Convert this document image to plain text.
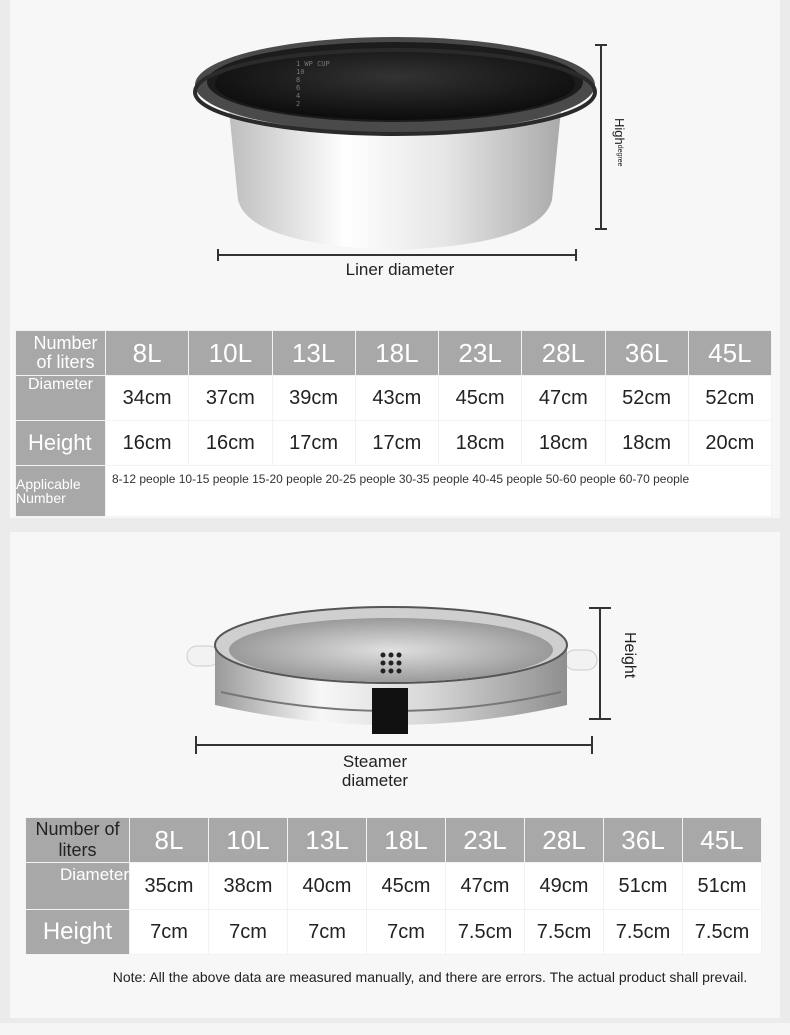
1 WP CUP
10
8
6
4
2
Highdegree
Liner diameter
Number of liters	8L	10L	13L	18L	23L	28L	36L	45L
Diameter	34cm	37cm	39cm	43cm	45cm	47cm	52cm	52cm
Height	16cm	16cm	17cm	17cm	18cm	18cm	18cm	20cm
Applicable Number	8-12 people 10-15 people 15-20 people 20-25 people 30-35 people 40-45 people 50-60 people 60-70 people							
Height
Steamer diameter
Number of liters	8L	10L	13L	18L	23L	28L	36L	45L
Diameter	35cm	38cm	40cm	45cm	47cm	49cm	51cm	51cm
Height	7cm	7cm	7cm	7cm	7.5cm	7.5cm	7.5cm	7.5cm
Note: All the above data are measured manually, and there are errors. The actual product shall prevail.
